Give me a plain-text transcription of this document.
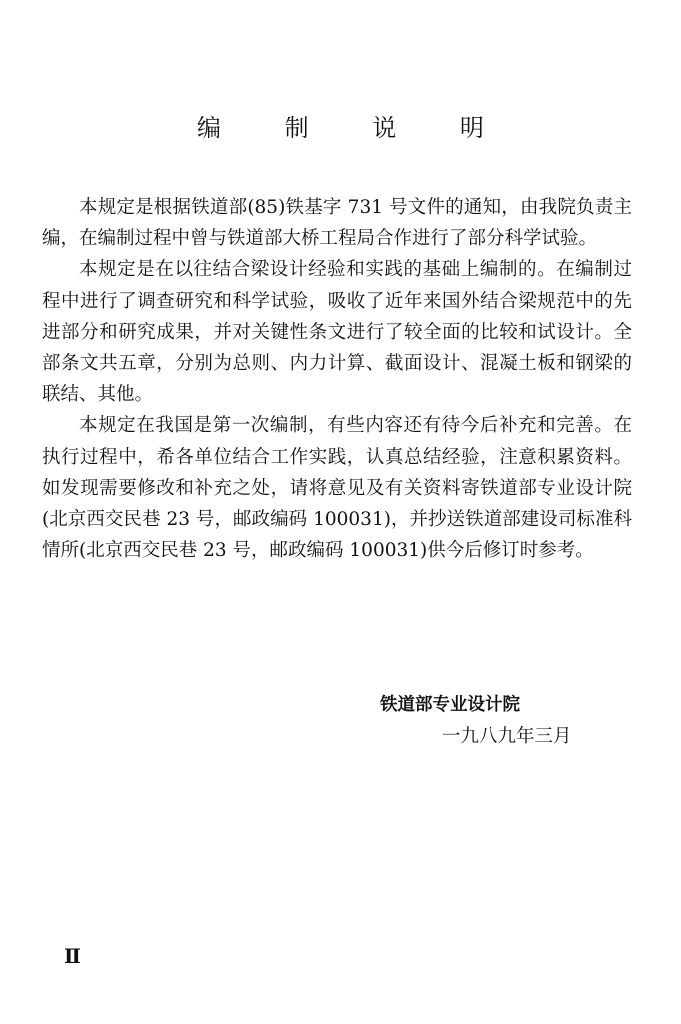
编 制 说 明

本规定是根据铁道部(85)铁基字 731 号文件的通知，由我院负责主编，在编制过程中曾与铁道部大桥工程局合作进行了部分科学试验。

本规定是在以往结合梁设计经验和实践的基础上编制的。在编制过程中进行了调查研究和科学试验，吸收了近年来国外结合梁规范中的先进部分和研究成果，并对关键性条文进行了较全面的比较和试设计。全部条文共五章，分别为总则、内力计算、截面设计、混凝土板和钢梁的联结、其他。

本规定在我国是第一次编制，有些内容还有待今后补充和完善。在执行过程中，希各单位结合工作实践，认真总结经验，注意积累资料。如发现需要修改和补充之处，请将意见及有关资料寄铁道部专业设计院(北京西交民巷 23 号，邮政编码 100031)，并抄送铁道部建设司标准科情所(北京西交民巷 23 号，邮政编码 100031)供今后修订时参考。

铁道部专业设计院
一九八九年三月
Ⅱ
